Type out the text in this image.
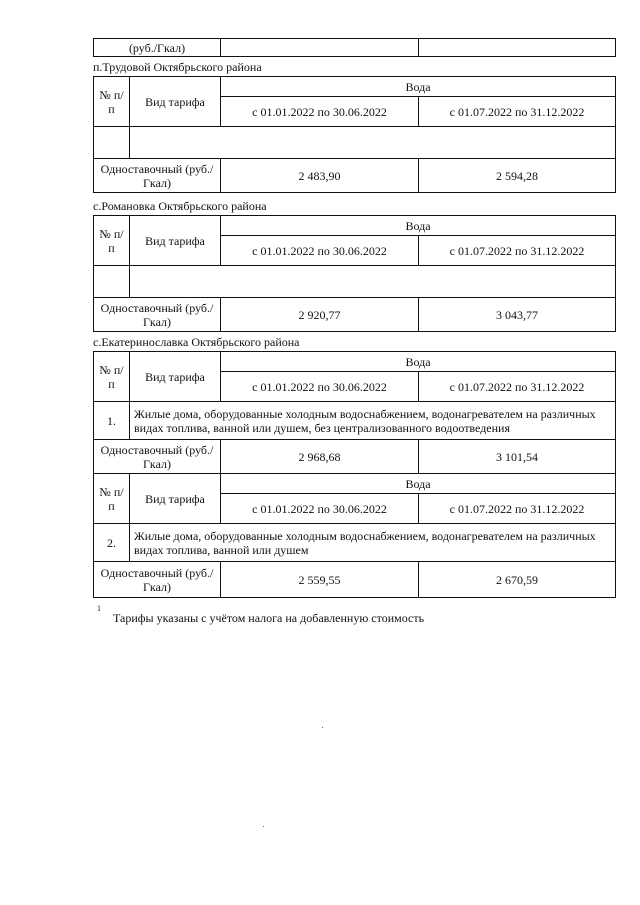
(руб./Гкал)		
п.Трудовой Октябрьского района
№ п/п	Вид тарифа	Вода	
		с 01.01.2022 по 30.06.2022	с 01.07.2022 по 31.12.2022

Одноставочный (руб./Гкал)		2 483,90	2 594,28
с.Романовка Октябрьского района
№ п/п	Вид тарифа	Вода	
		с 01.01.2022 по 30.06.2022	с 01.07.2022 по 31.12.2022

Одноставочный (руб./Гкал)		2 920,77	3 043,77
с.Екатеринославка Октябрьского района
№ п/п	Вид тарифа	Вода	
		с 01.01.2022 по 30.06.2022	с 01.07.2022 по 31.12.2022
1.	Жилые дома, оборудованные холодным водоснабжением, водонагревателем на различных видах топлива, ванной или душем, без централизованного водоотведения		
Одноставочный (руб./Гкал)		2 968,68	3 101,54
№ п/п	Вид тарифа	Вода	
		с 01.01.2022 по 30.06.2022	с 01.07.2022 по 31.12.2022
2.	Жилые дома, оборудованные холодным водоснабжением, водонагревателем на различных видах топлива, ванной или душем		
Одноставочный (руб./Гкал)		2 559,55	2 670,59
$^1$Тарифы указаны с учётом налога на добавленную стоимость
